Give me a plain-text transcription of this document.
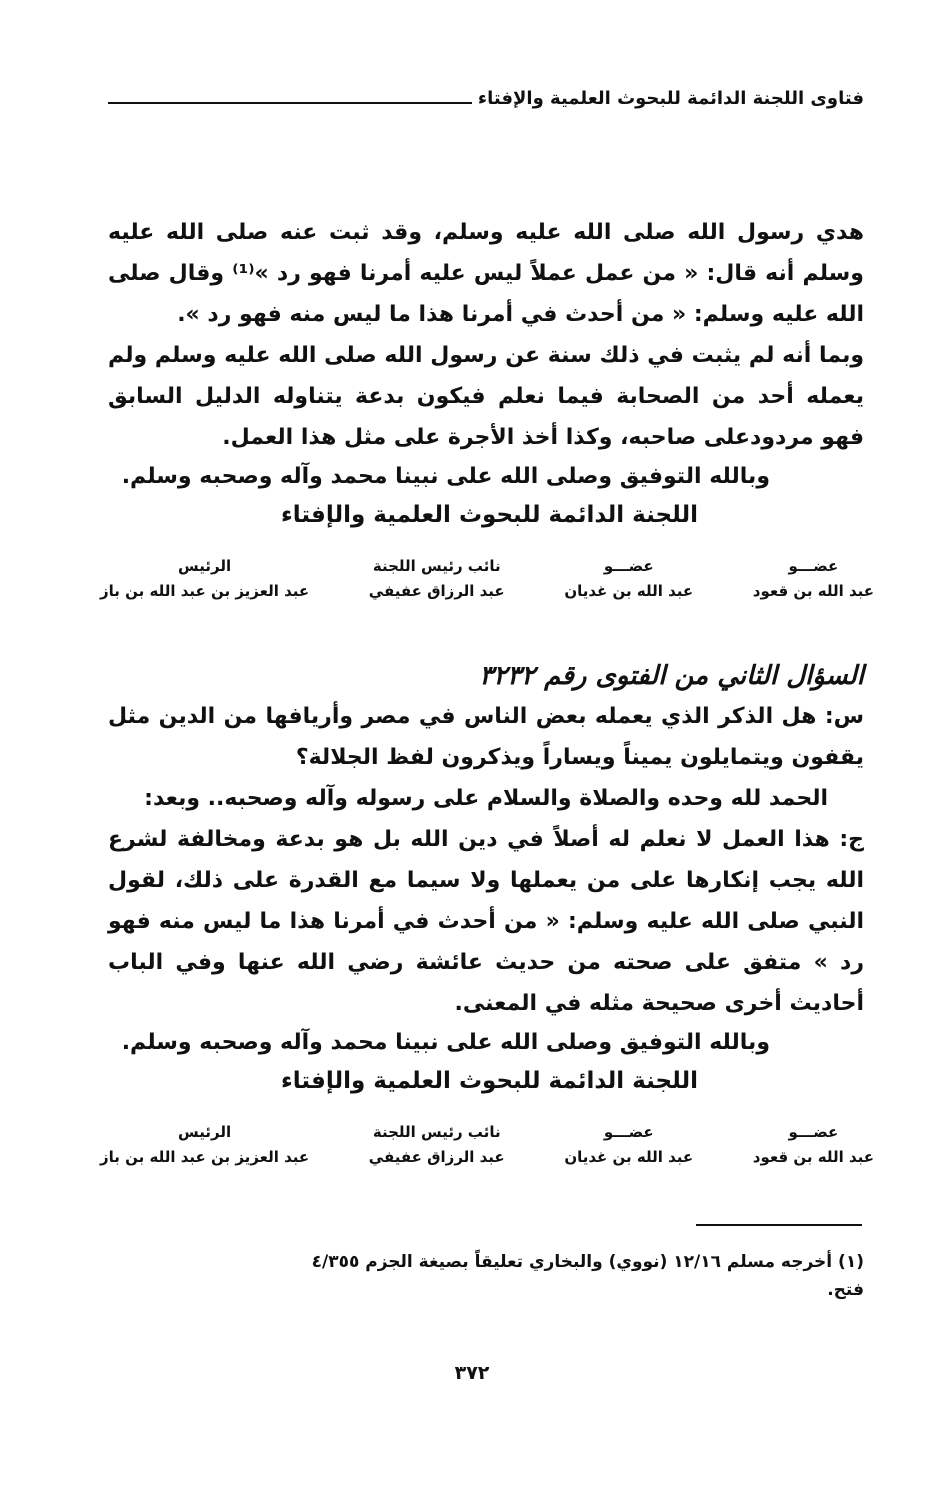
فتاوى اللجنة الدائمة للبحوث العلمية والإفتاء

هدي رسول الله صلى الله عليه وسلم، وقد ثبت عنه صلى الله عليه وسلم أنه قال: « من عمل عملاً ليس عليه أمرنا فهو رد »⁽¹⁾ وقال صلى الله عليه وسلم: « من أحدث في أمرنا هذا ما ليس منه فهو رد ».

وبما أنه لم يثبت في ذلك سنة عن رسول الله صلى الله عليه وسلم ولم يعمله أحد من الصحابة فيما نعلم فيكون بدعة يتناوله الدليل السابق فهو مردودعلى صاحبه، وكذا أخذ الأجرة على مثل هذا العمل.

وبالله التوفيق وصلى الله على نبينا محمد وآله وصحبه وسلم.

اللجنة الدائمة للبحوث العلمية والإفتاء

عضـــو
عبد الله بن قعود
عضـــو
عبد الله بن غديان
نائب رئيس اللجنة
عبد الرزاق عفيفي
الرئيس
عبد العزيز بن عبد الله بن باز

السؤال الثاني من الفتوى رقم ٣٢٣٢

س: هل الذكر الذي يعمله بعض الناس في مصر وأريافها من الدين مثل يقفون ويتمايلون يميناً ويساراً ويذكرون لفظ الجلالة؟

الحمد لله وحده والصلاة والسلام على رسوله وآله وصحبه.. وبعد:

ج: هذا العمل لا نعلم له أصلاً في دين الله بل هو بدعة ومخالفة لشرع الله يجب إنكارها على من يعملها ولا سيما مع القدرة على ذلك، لقول النبي صلى الله عليه وسلم: « من أحدث في أمرنا هذا ما ليس منه فهو رد » متفق على صحته من حديث عائشة رضي الله عنها وفي الباب أحاديث أخرى صحيحة مثله في المعنى.

وبالله التوفيق وصلى الله على نبينا محمد وآله وصحبه وسلم.

اللجنة الدائمة للبحوث العلمية والإفتاء

عضـــو
عبد الله بن قعود
عضـــو
عبد الله بن غديان
نائب رئيس اللجنة
عبد الرزاق عفيفي
الرئيس
عبد العزيز بن عبد الله بن باز
(١) أخرجه مسلم ١٢/١٦ (نووي) والبخاري تعليقاً بصيغة الجزم ٤/٣٥٥ فتح.
٣٧٢
